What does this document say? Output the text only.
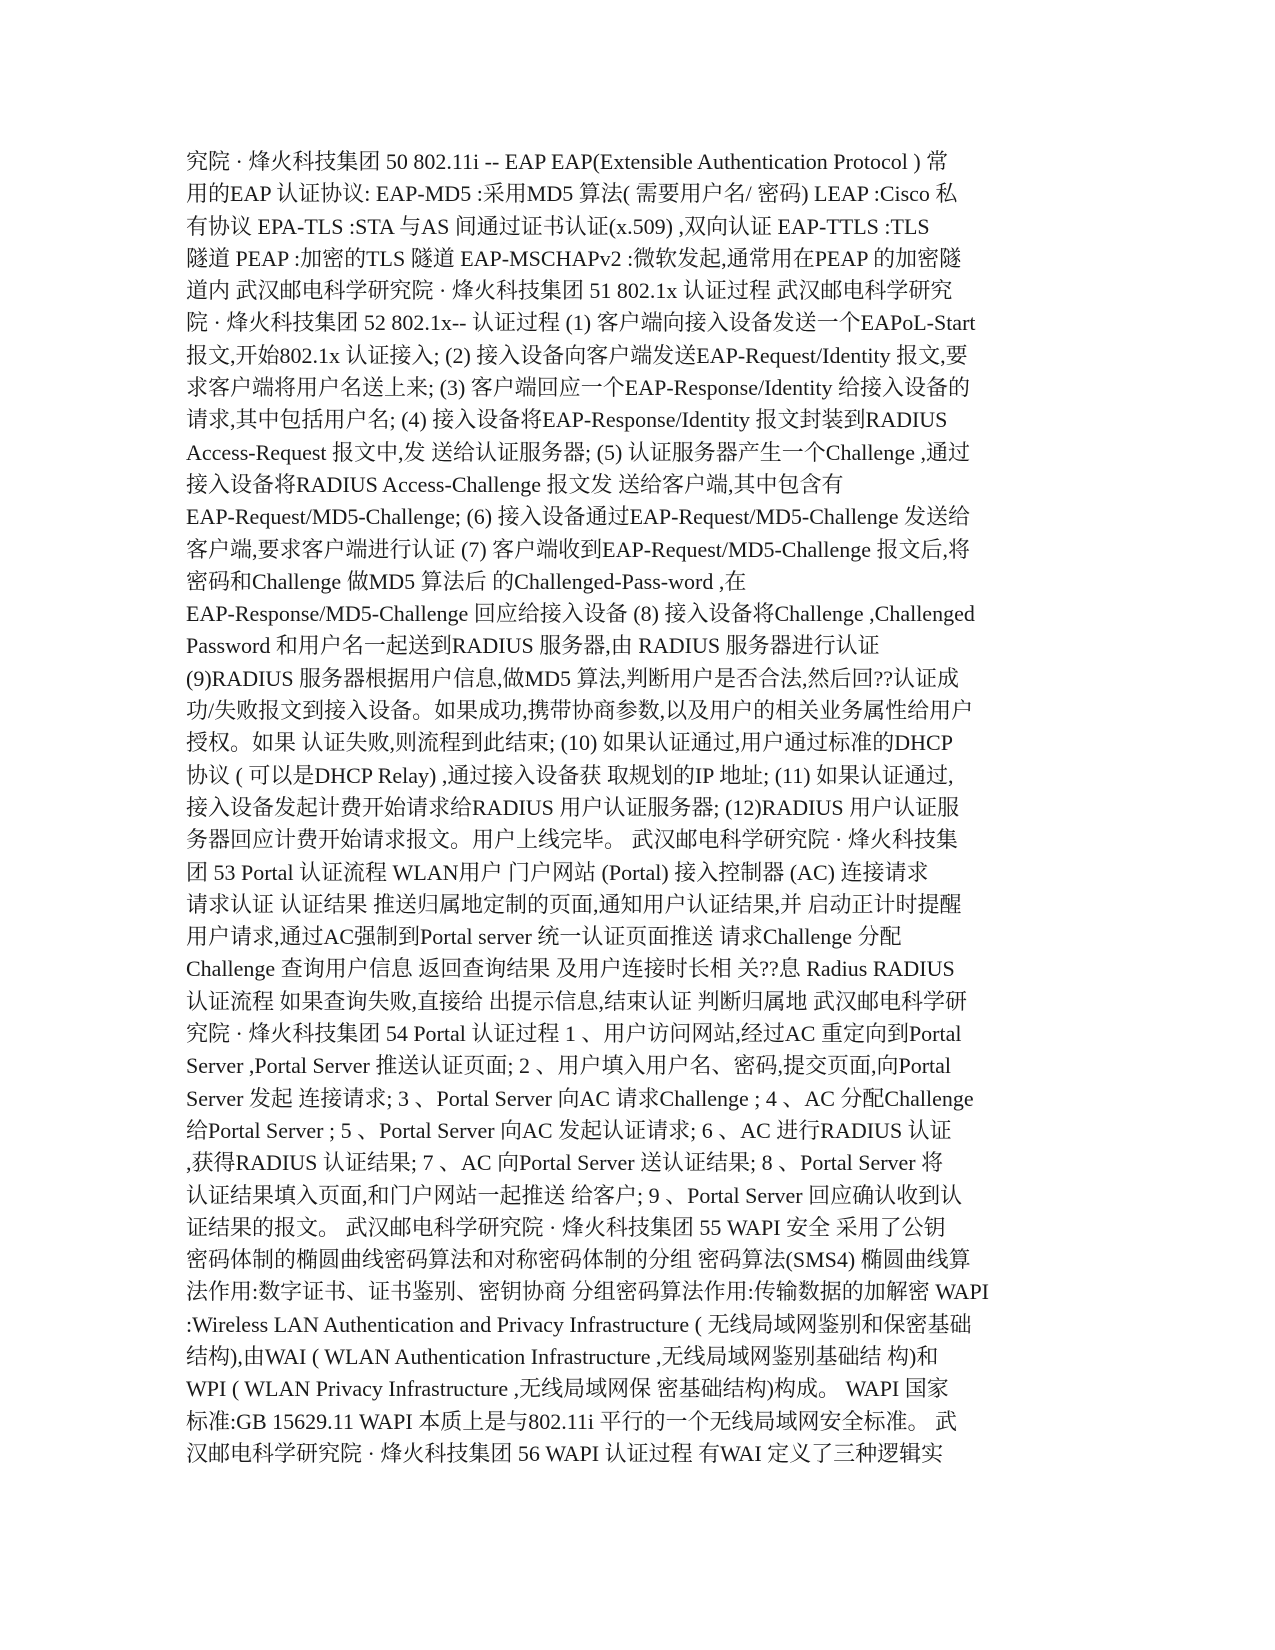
究院 · 烽火科技集团 50 802.11i -- EAP EAP(Extensible Authentication Protocol ) 常
用的EAP 认证协议: EAP-MD5 :采用MD5 算法( 需要用户名/ 密码) LEAP :Cisco 私
有协议 EPA-TLS :STA 与AS 间通过证书认证(x.509) ,双向认证 EAP-TTLS :TLS
隧道 PEAP :加密的TLS 隧道 EAP-MSCHAPv2 :微软发起,通常用在PEAP 的加密隧
道内 武汉邮电科学研究院 · 烽火科技集团 51 802.1x 认证过程 武汉邮电科学研究
院 · 烽火科技集团 52 802.1x-- 认证过程 (1) 客户端向接入设备发送一个EAPoL-Start
报文,开始802.1x 认证接入; (2) 接入设备向客户端发送EAP-Request/Identity 报文,要
求客户端将用户名送上来; (3) 客户端回应一个EAP-Response/Identity 给接入设备的
请求,其中包括用户名; (4) 接入设备将EAP-Response/Identity 报文封装到RADIUS
Access-Request 报文中,发 送给认证服务器; (5) 认证服务器产生一个Challenge ,通过
接入设备将RADIUS Access-Challenge 报文发 送给客户端,其中包含有
EAP-Request/MD5-Challenge; (6) 接入设备通过EAP-Request/MD5-Challenge 发送给
客户端,要求客户端进行认证 (7) 客户端收到EAP-Request/MD5-Challenge 报文后,将
密码和Challenge 做MD5 算法后 的Challenged-Pass-word ,在
EAP-Response/MD5-Challenge 回应给接入设备 (8) 接入设备将Challenge ,Challenged
Password 和用户名一起送到RADIUS 服务器,由 RADIUS 服务器进行认证
(9)RADIUS 服务器根据用户信息,做MD5 算法,判断用户是否合法,然后回??认证成
功/失败报文到接入设备。如果成功,携带协商参数,以及用户的相关业务属性给用户
授权。如果 认证失败,则流程到此结束; (10) 如果认证通过,用户通过标准的DHCP
协议 ( 可以是DHCP Relay) ,通过接入设备获 取规划的IP 地址; (11) 如果认证通过,
接入设备发起计费开始请求给RADIUS 用户认证服务器; (12)RADIUS 用户认证服
务器回应计费开始请求报文。用户上线完毕。 武汉邮电科学研究院 · 烽火科技集
团 53 Portal 认证流程 WLAN用户 门户网站 (Portal) 接入控制器 (AC) 连接请求
请求认证 认证结果 推送归属地定制的页面,通知用户认证结果,并 启动正计时提醒
用户请求,通过AC强制到Portal server 统一认证页面推送 请求Challenge 分配
Challenge 查询用户信息 返回查询结果 及用户连接时长相 关??息 Radius RADIUS
认证流程 如果查询失败,直接给 出提示信息,结束认证 判断归属地 武汉邮电科学研
究院 · 烽火科技集团 54 Portal 认证过程 1 、用户访问网站,经过AC 重定向到Portal
Server ,Portal Server 推送认证页面; 2 、用户填入用户名、密码,提交页面,向Portal
Server 发起 连接请求; 3 、Portal Server 向AC 请求Challenge ; 4 、AC 分配Challenge
给Portal Server ; 5 、Portal Server 向AC 发起认证请求; 6 、AC 进行RADIUS 认证
,获得RADIUS 认证结果; 7 、AC 向Portal Server 送认证结果; 8 、Portal Server 将
认证结果填入页面,和门户网站一起推送 给客户; 9 、Portal Server 回应确认收到认
证结果的报文。 武汉邮电科学研究院 · 烽火科技集团 55 WAPI 安全 采用了公钥
密码体制的椭圆曲线密码算法和对称密码体制的分组 密码算法(SMS4) 椭圆曲线算
法作用:数字证书、证书鉴别、密钥协商 分组密码算法作用:传输数据的加解密 WAPI
:Wireless LAN Authentication and Privacy Infrastructure ( 无线局域网鉴别和保密基础
结构),由WAI ( WLAN Authentication Infrastructure ,无线局域网鉴别基础结 构)和
WPI ( WLAN Privacy Infrastructure ,无线局域网保 密基础结构)构成。 WAPI 国家
标准:GB 15629.11 WAPI 本质上是与802.11i 平行的一个无线局域网安全标准。 武
汉邮电科学研究院 · 烽火科技集团 56 WAPI 认证过程 有WAI 定义了三种逻辑实
